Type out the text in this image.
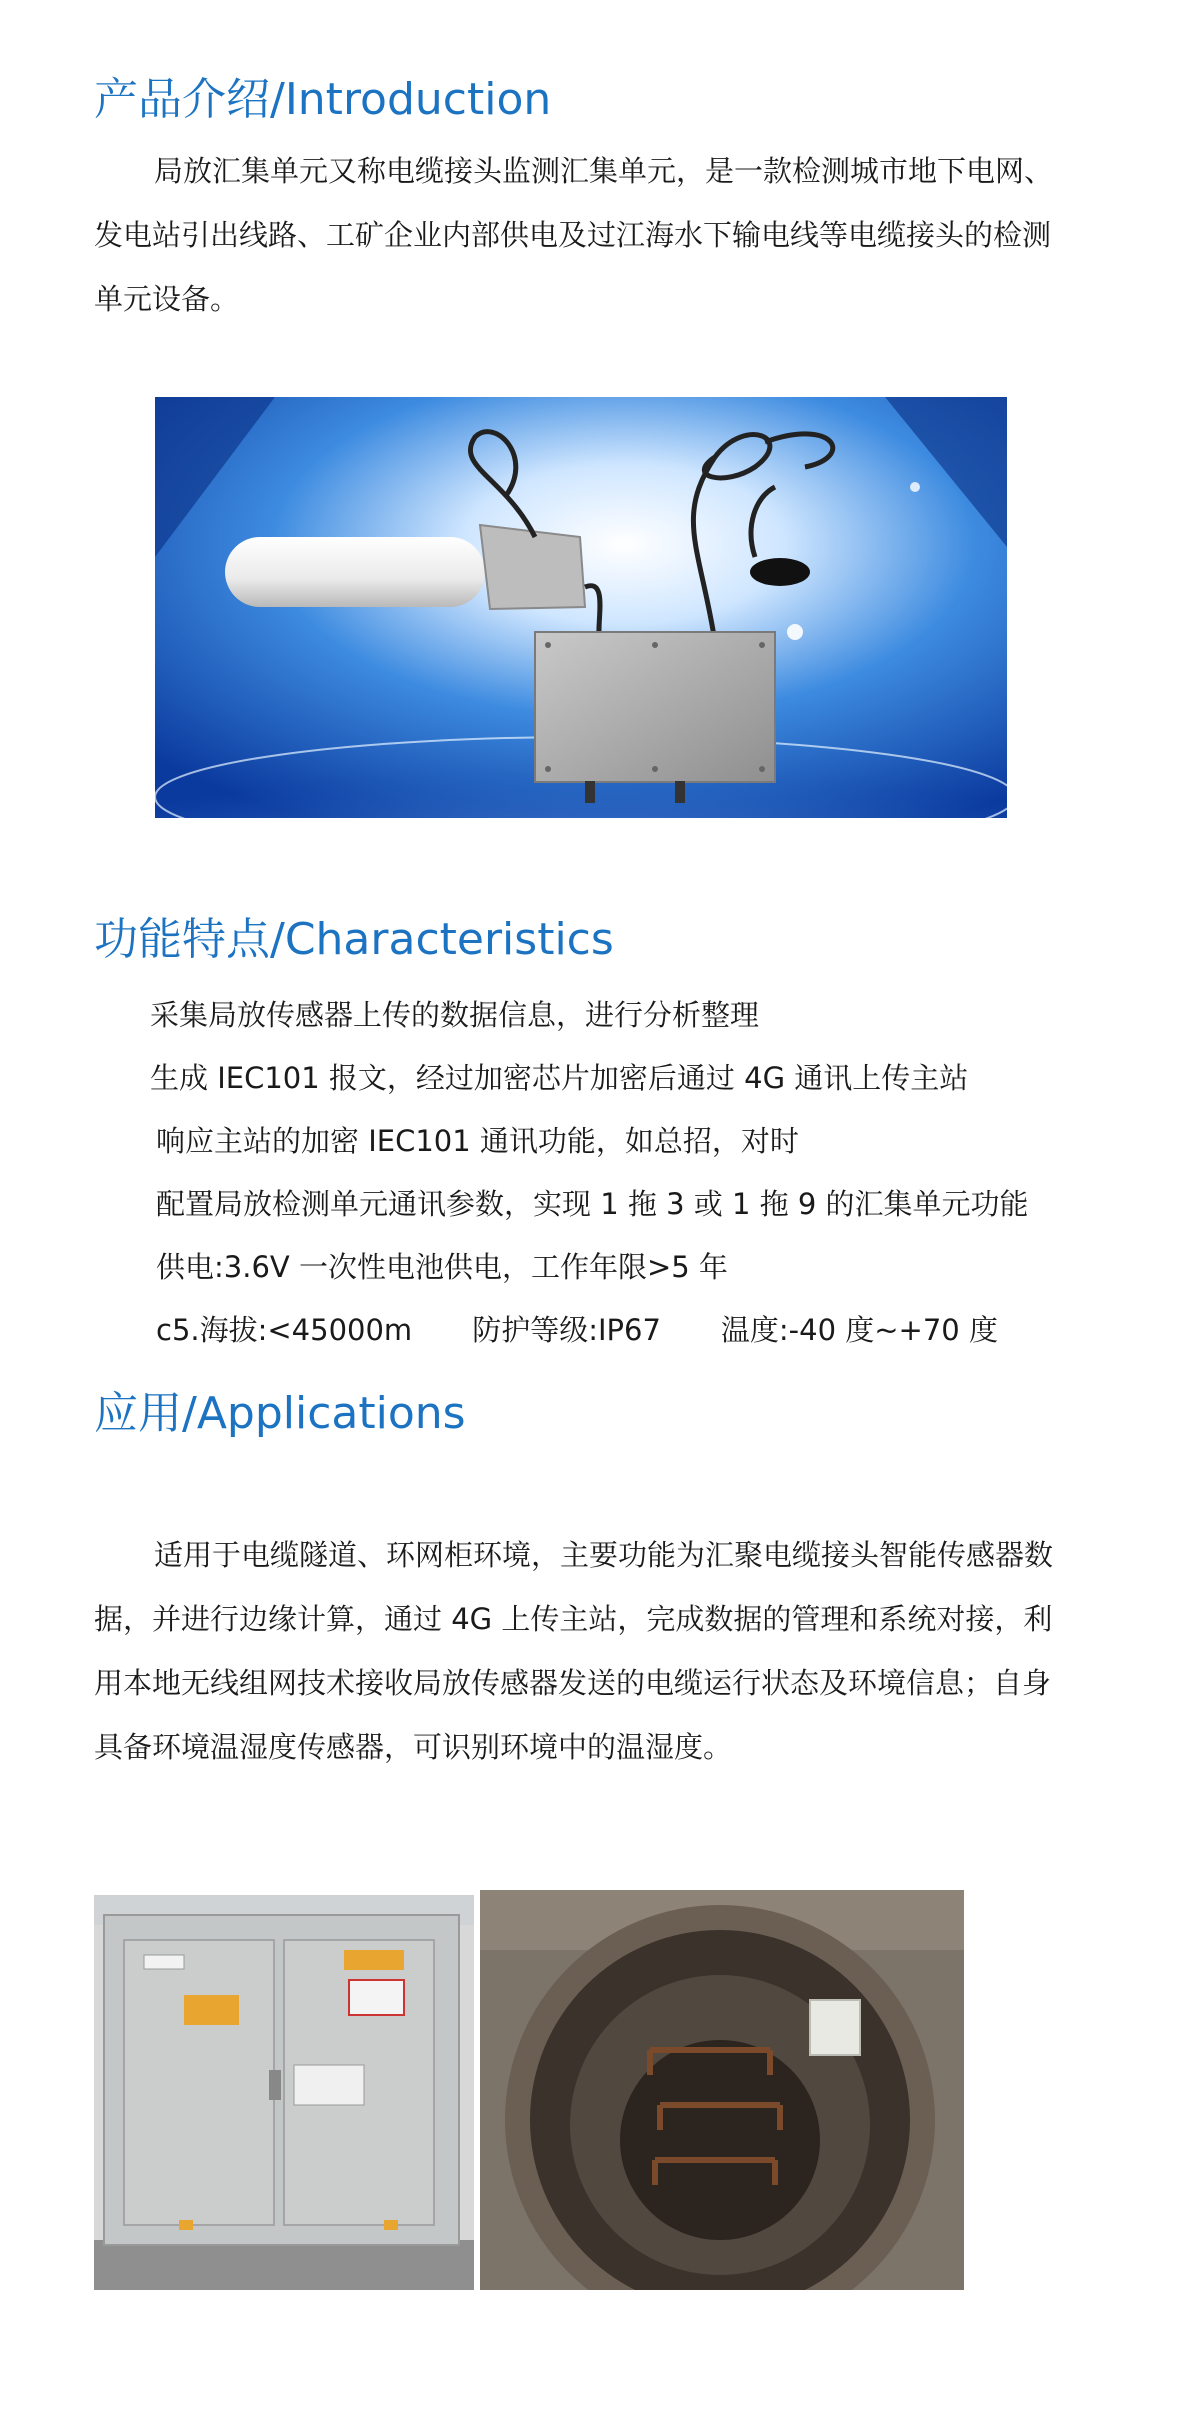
产品介绍/Introduction
局放汇集单元又称电缆接头监测汇集单元，是一款检测城市地下电网、
发电站引出线路、工矿企业内部供电及过江海水下输电线等电缆接头的检测
单元设备。
功能特点/Characteristics
采集局放传感器上传的数据信息，进行分析整理
生成 IEC101 报文，经过加密芯片加密后通过 4G 通讯上传主站
响应主站的加密 IEC101 通讯功能，如总招，对时
配置局放检测单元通讯参数，实现 1 拖 3 或 1 拖 9 的汇集单元功能
供电:3.6V 一次性电池供电，工作年限>5 年
c5.海拔:<45000m 防护等级:IP67 温度:-40 度~+70 度
应用/Applications
适用于电缆隧道、环网柜环境，主要功能为汇聚电缆接头智能传感器数
据，并进行边缘计算，通过 4G 上传主站，完成数据的管理和系统对接，利
用本地无线组网技术接收局放传感器发送的电缆运行状态及环境信息；自身
具备环境温湿度传感器，可识别环境中的温湿度。
